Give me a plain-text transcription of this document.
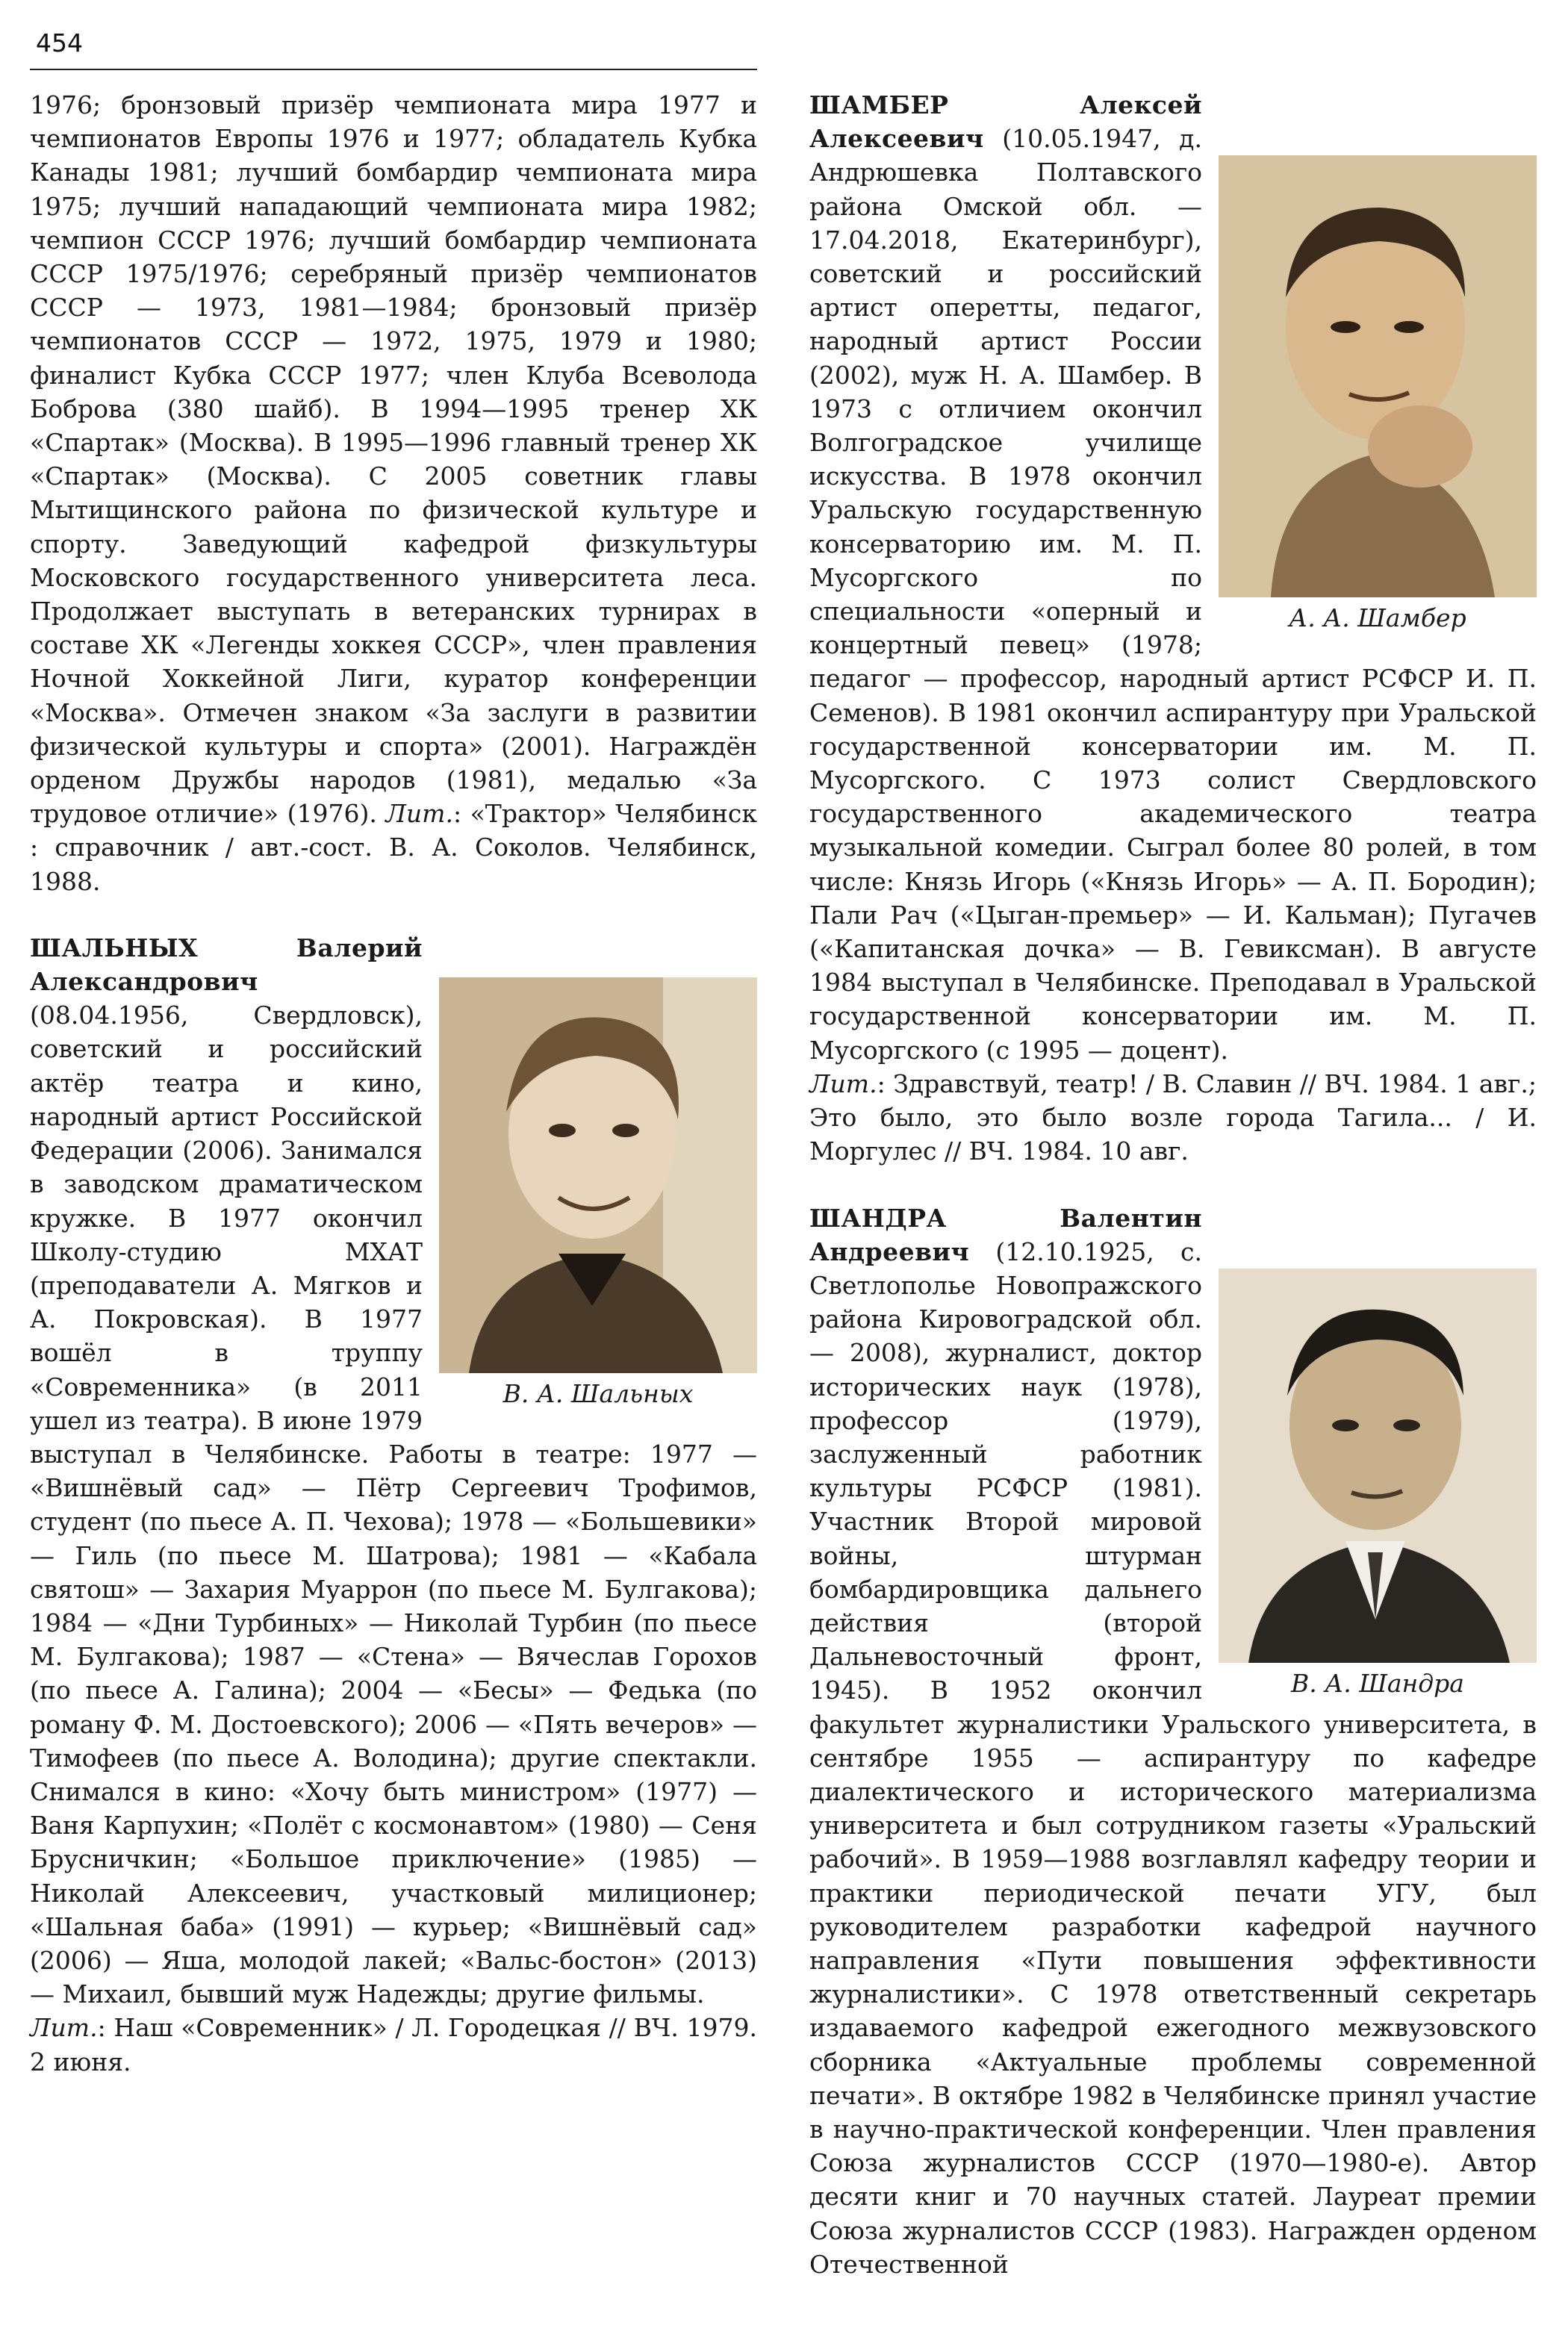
454

1976; бронзовый призёр чемпионата мира 1977 и чемпионатов Европы 1976 и 1977; обладатель Кубка Канады 1981; лучший бомбардир чемпионата мира 1975; лучший нападающий чемпионата мира 1982; чемпион СССР 1976; лучший бомбардир чемпионата СССР 1975/1976; серебряный призёр чемпионатов СССР — 1973, 1981—1984; бронзовый призёр чемпионатов СССР — 1972, 1975, 1979 и 1980; финалист Кубка СССР 1977; член Клуба Всеволода Боброва (380 шайб). В 1994—1995 тренер ХК «Спартак» (Москва). В 1995—1996 главный тренер ХК «Спартак» (Москва). С 2005 советник главы Мытищинского района по физической культуре и спорту. Заведующий кафедрой физкультуры Московского государственного университета леса. Продолжает выступать в ветеранских турнирах в составе ХК «Легенды хоккея СССР», член правления Ночной Хоккейной Лиги, куратор конференции «Москва». Отмечен знаком «За заслуги в развитии физической культуры и спорта» (2001). Награждён орденом Дружбы народов (1981), медалью «За трудовое отличие» (1976). Лит.: «Трактор» Челябинск : справочник / авт.-сост. В. А. Соколов. Челябинск, 1988.

В. А. Шальных
ШАЛЬНЫХ Валерий Александрович (08.04.1956, Свердловск), советский и российский актёр театра и кино, народный артист Российской Федерации (2006). Занимался в заводском драматическом кружке. В 1977 окончил Школу-студию МХАТ (преподаватели А. Мягков и А. Покровская). В 1977 вошёл в труппу «Современника» (в 2011 ушел из театра). В июне 1979 выступал в Челябинске. Работы в театре: 1977 — «Вишнёвый сад» — Пётр Сергеевич Трофимов, студент (по пьесе А. П. Чехова); 1978 — «Большевики» — Гиль (по пьесе М. Шатрова); 1981 — «Кабала святош» — Захария Муаррон (по пьесе М. Булгакова); 1984 — «Дни Турбиных» — Николай Турбин (по пьесе М. Булгакова); 1987 — «Стена» — Вячеслав Горохов (по пьесе А. Галина); 2004 — «Бесы» — Федька (по роману Ф. М. Достоевского); 2006 — «Пять вечеров» — Тимофеев (по пьесе А. Володина); другие спектакли. Снимался в кино: «Хочу быть министром» (1977) — Ваня Карпухин; «Полёт с космонавтом» (1980) — Сеня Брусничкин; «Большое приключение» (1985) — Николай Алексеевич, участковый милиционер; «Шальная баба» (1991) — курьер; «Вишнёвый сад» (2006) — Яша, молодой лакей; «Вальс-бостон» (2013) — Михаил, бывший муж Надежды; другие фильмы.
Лит.: Наш «Современник» / Л. Городецкая // ВЧ. 1979. 2 июня.

А. А. Шамбер
ШАМБЕР Алексей Алексеевич (10.05.1947, д. Андрюшевка Полтавского района Омской обл. — 17.04.2018, Екатеринбург), советский и российский артист оперетты, педагог, народный артист России (2002), муж Н. А. Шамбер. В 1973 с отличием окончил Волгоградское училище искусства. В 1978 окончил Уральскую государственную консерваторию им. М. П. Мусоргского по специальности «оперный и концертный певец» (1978; педагог — профессор, народный артист РСФСР И. П. Семенов). В 1981 окончил аспирантуру при Уральской государственной консерватории им. М. П. Мусоргского. С 1973 солист Свердловского государственного академического театра музыкальной комедии. Сыграл более 80 ролей, в том числе: Князь Игорь («Князь Игорь» — А. П. Бородин); Пали Рач («Цыган-премьер» — И. Кальман); Пугачев («Капитанская дочка» — В. Гевиксман). В августе 1984 выступал в Челябинске. Преподавал в Уральской государственной консерватории им. М. П. Мусоргского (с 1995 — доцент).
Лит.: Здравствуй, театр! / В. Славин // ВЧ. 1984. 1 авг.; Это было, это было возле города Тагила... / И. Моргулес // ВЧ. 1984. 10 авг.

В. А. Шандра
ШАНДРА Валентин Андреевич (12.10.1925, с. Светлополье Новопражского района Кировоградской обл. — 2008), журналист, доктор исторических наук (1978), профессор (1979), заслуженный работник культуры РСФСР (1981). Участник Второй мировой войны, штурман бомбардировщика дальнего действия (второй Дальневосточный фронт, 1945). В 1952 окончил факультет журналистики Уральского университета, в сентябре 1955 — аспирантуру по кафедре диалектического и исторического материализма университета и был сотрудником газеты «Уральский рабочий». В 1959—1988 возглавлял кафедру теории и практики периодической печати УГУ, был руководителем разработки кафедрой научного направления «Пути повышения эффективности журналистики». С 1978 ответственный секретарь издаваемого кафедрой ежегодного межвузовского сборника «Актуальные проблемы современной печати». В октябре 1982 в Челябинске принял участие в научно-практической конференции. Член правления Союза журналистов СССР (1970—1980-е). Автор десяти книг и 70 научных статей. Лауреат премии Союза журналистов СССР (1983). Награжден орденом Отечественной
